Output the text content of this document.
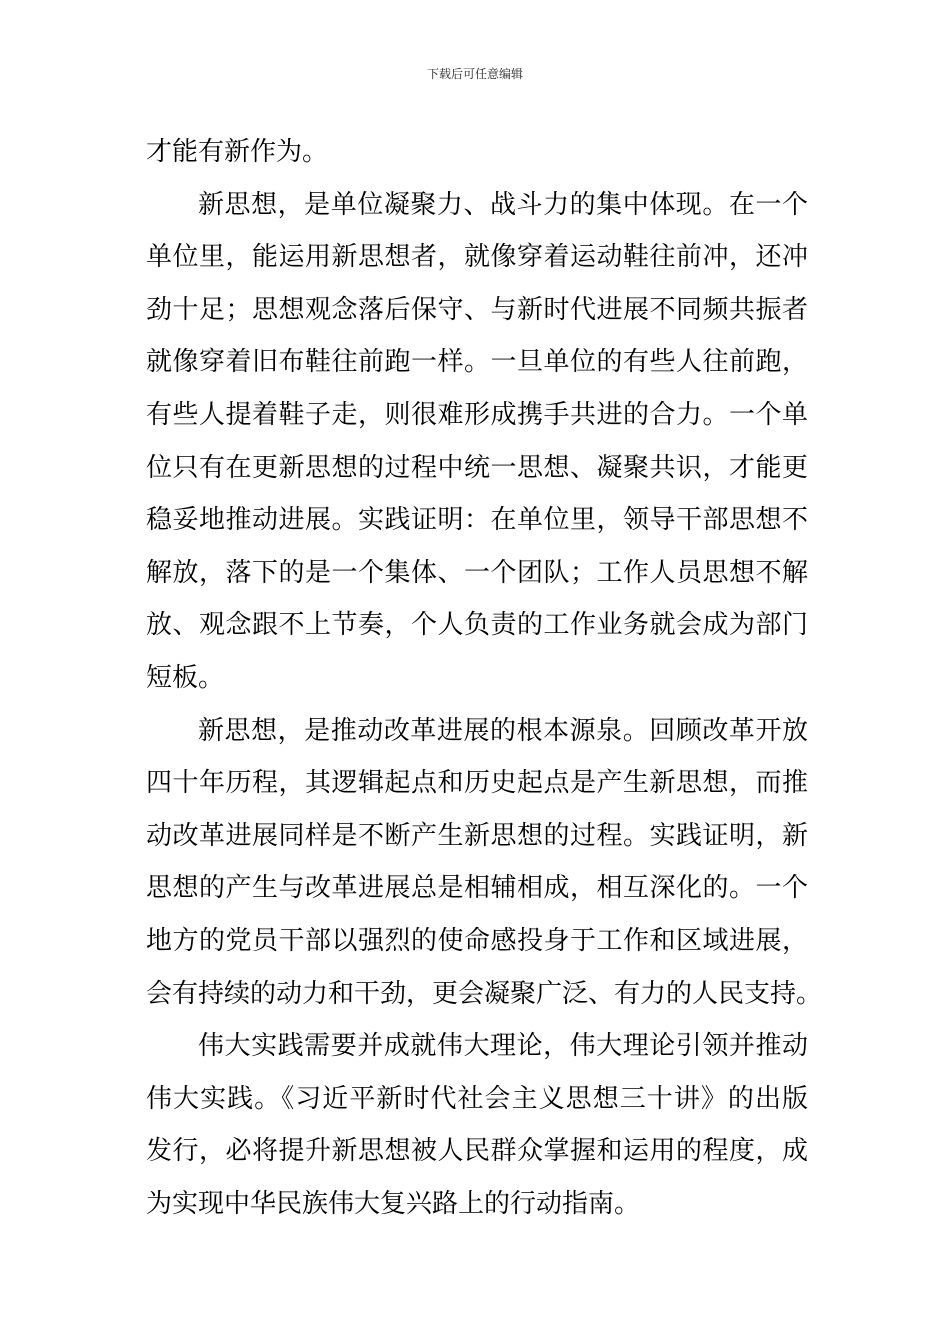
下载后可任意编辑
才能有新作为。
新思想，是单位凝聚力、战斗力的集中体现。在一个
单位里，能运用新思想者，就像穿着运动鞋往前冲，还冲
劲十足；思想观念落后保守、与新时代进展不同频共振者
就像穿着旧布鞋往前跑一样。一旦单位的有些人往前跑，
有些人提着鞋子走，则很难形成携手共进的合力。一个单
位只有在更新思想的过程中统一思想、凝聚共识，才能更
稳妥地推动进展。实践证明：在单位里，领导干部思想不
解放，落下的是一个集体、一个团队；工作人员思想不解
放、观念跟不上节奏，个人负责的工作业务就会成为部门
短板。
新思想，是推动改革进展的根本源泉。回顾改革开放
四十年历程，其逻辑起点和历史起点是产生新思想，而推
动改革进展同样是不断产生新思想的过程。实践证明，新
思想的产生与改革进展总是相辅相成，相互深化的。一个
地方的党员干部以强烈的使命感投身于工作和区域进展，
会有持续的动力和干劲，更会凝聚广泛、有力的人民支持。
伟大实践需要并成就伟大理论，伟大理论引领并推动
伟大实践。《习近平新时代社会主义思想三十讲》的出版
发行，必将提升新思想被人民群众掌握和运用的程度，成
为实现中华民族伟大复兴路上的行动指南。
